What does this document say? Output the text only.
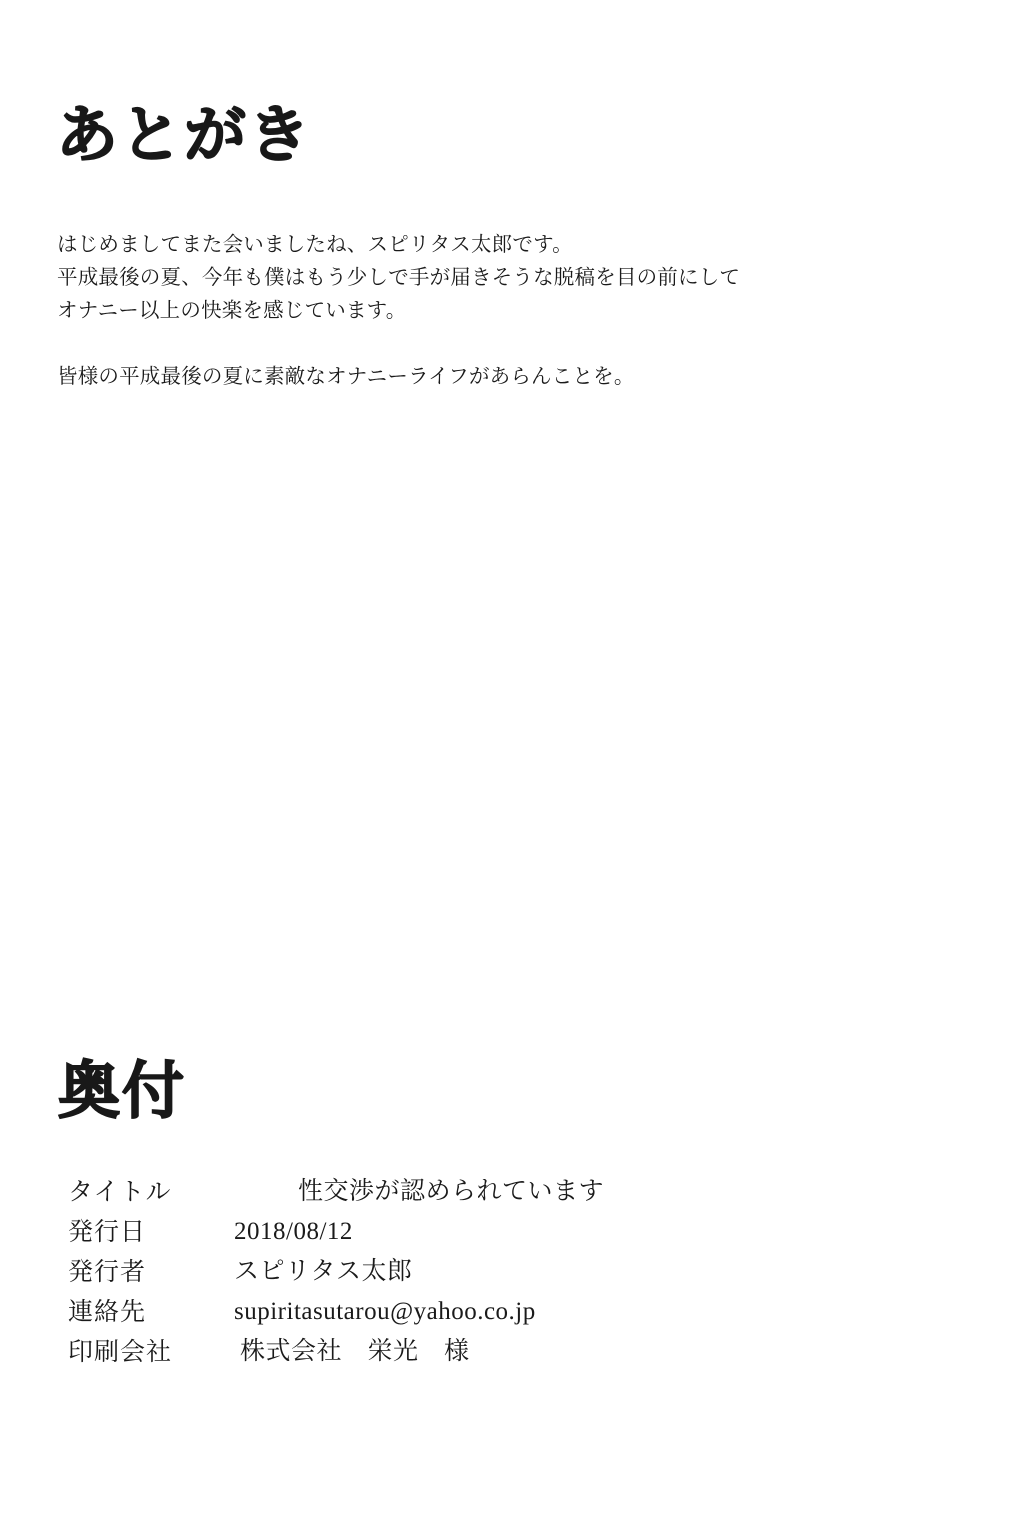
あとがき

はじめましてまた会いましたね、スピリタス太郎です。

平成最後の夏、今年も僕はもう少しで手が届きそうな脱稿を目の前にして

オナニー以上の快楽を感じています。

皆様の平成最後の夏に素敵なオナニーライフがあらんことを。

奥付
タイトル	性交渉が認められています
発行日	2018/08/12
発行者	スピリタス太郎
連絡先	supiritasutarou@yahoo.co.jp
印刷会社	株式会社　栄光　様
